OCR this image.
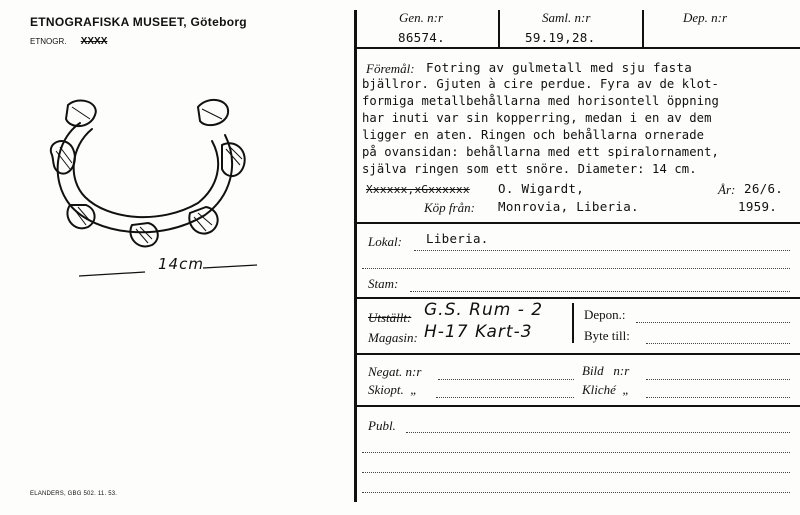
ETNOGRAFISKA MUSEET, Göteborg
ETNOGR. XXXX
14cm
ELANDERS, GBG 502. 11. 53.
Gen. n:r	Saml. n:r	Dep. n:r
86574.	59.19,28.
Föremål: Fotring av gulmetall med sju fasta
bjällror. Gjuten à cire perdue. Fyra av de klot-
formiga metallbehållarna med horisontell öppning
har inuti var sin kopperring, medan i en av dem
ligger en aten. Ringen och behållarna ornerade
på ovansidan: behållarna med ett spiralornament,
själva ringen som ett snöre. Diameter: 14 cm.
Xxxxxx,xGxxxxxx O. Wigardt,	År: 26/6.
Köp från: Monrovia, Liberia.	1959.
Lokal: Liberia.
Stam:
Utställt: G.S. Rum - 2
Magasin: H-17 Kart-3
Depon.:
Byte till:
Negat. n:r	Bild   n:r
Skiopt.  „	Kliché  „
Publ.
